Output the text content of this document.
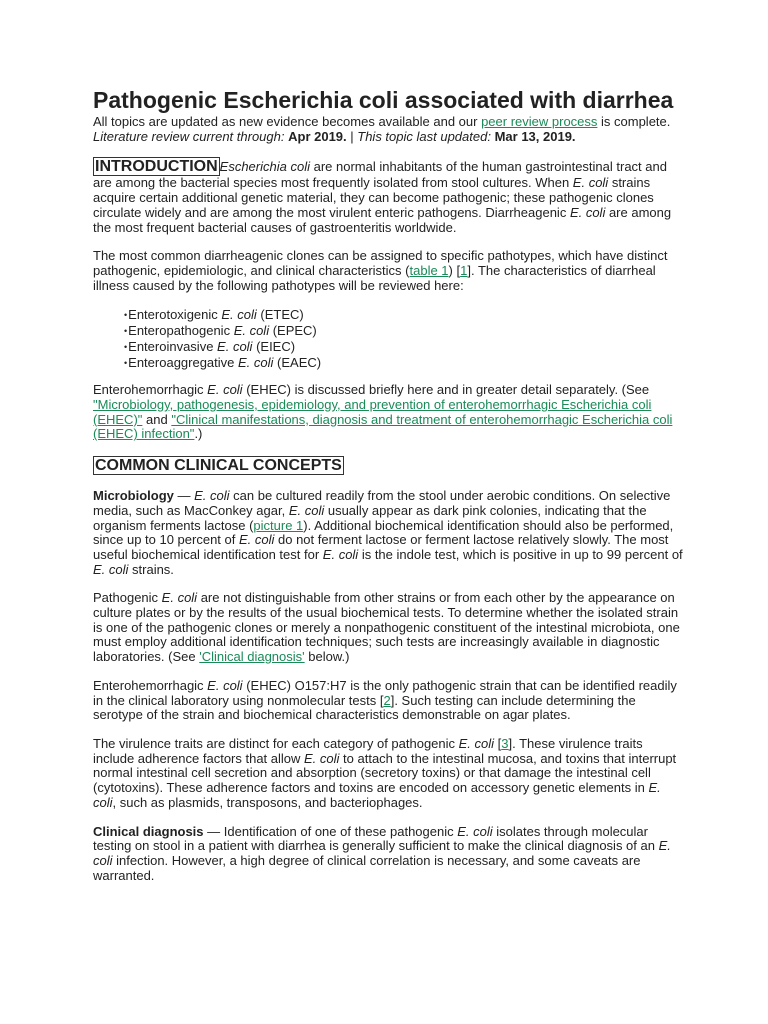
Pathogenic Escherichia coli associated with diarrhea

All topics are updated as new evidence becomes available and our peer review process is complete.

Literature review current through: Apr 2019. | This topic last updated: Mar 13, 2019.

INTRODUCTION Escherichia coli are normal inhabitants of the human gastrointestinal tract and are among the bacterial species most frequently isolated from stool cultures. When E. coli strains acquire certain additional genetic material, they can become pathogenic; these pathogenic clones circulate widely and are among the most virulent enteric pathogens. Diarrheagenic E. coli are among the most frequent bacterial causes of gastroenteritis worldwide.

The most common diarrheagenic clones can be assigned to specific pathotypes, which have distinct pathogenic, epidemiologic, and clinical characteristics (table 1) [1]. The characteristics of diarrheal illness caused by the following pathotypes will be reviewed here:

• Enterotoxigenic E. coli (ETEC)
• Enteropathogenic E. coli (EPEC)
• Enteroinvasive E. coli (EIEC)
• Enteroaggregative E. coli (EAEC)

Enterohemorrhagic E. coli (EHEC) is discussed briefly here and in greater detail separately. (See "Microbiology, pathogenesis, epidemiology, and prevention of enterohemorrhagic Escherichia coli (EHEC)" and "Clinical manifestations, diagnosis and treatment of enterohemorrhagic Escherichia coli (EHEC) infection".)

COMMON CLINICAL CONCEPTS

Microbiology — E. coli can be cultured readily from the stool under aerobic conditions. On selective media, such as MacConkey agar, E. coli usually appear as dark pink colonies, indicating that the organism ferments lactose (picture 1). Additional biochemical identification should also be performed, since up to 10 percent of E. coli do not ferment lactose or ferment lactose relatively slowly. The most useful biochemical identification test for E. coli is the indole test, which is positive in up to 99 percent of E. coli strains.

Pathogenic E. coli are not distinguishable from other strains or from each other by the appearance on culture plates or by the results of the usual biochemical tests. To determine whether the isolated strain is one of the pathogenic clones or merely a nonpathogenic constituent of the intestinal microbiota, one must employ additional identification techniques; such tests are increasingly available in diagnostic laboratories. (See 'Clinical diagnosis' below.)

Enterohemorrhagic E. coli (EHEC) O157:H7 is the only pathogenic strain that can be identified readily in the clinical laboratory using nonmolecular tests [2]. Such testing can include determining the serotype of the strain and biochemical characteristics demonstrable on agar plates.

The virulence traits are distinct for each category of pathogenic E. coli [3]. These virulence traits include adherence factors that allow E. coli to attach to the intestinal mucosa, and toxins that interrupt normal intestinal cell secretion and absorption (secretory toxins) or that damage the intestinal cell (cytotoxins). These adherence factors and toxins are encoded on accessory genetic elements in E. coli, such as plasmids, transposons, and bacteriophages.

Clinical diagnosis — Identification of one of these pathogenic E. coli isolates through molecular testing on stool in a patient with diarrhea is generally sufficient to make the clinical diagnosis of an E. coli infection. However, a high degree of clinical correlation is necessary, and some caveats are warranted.
